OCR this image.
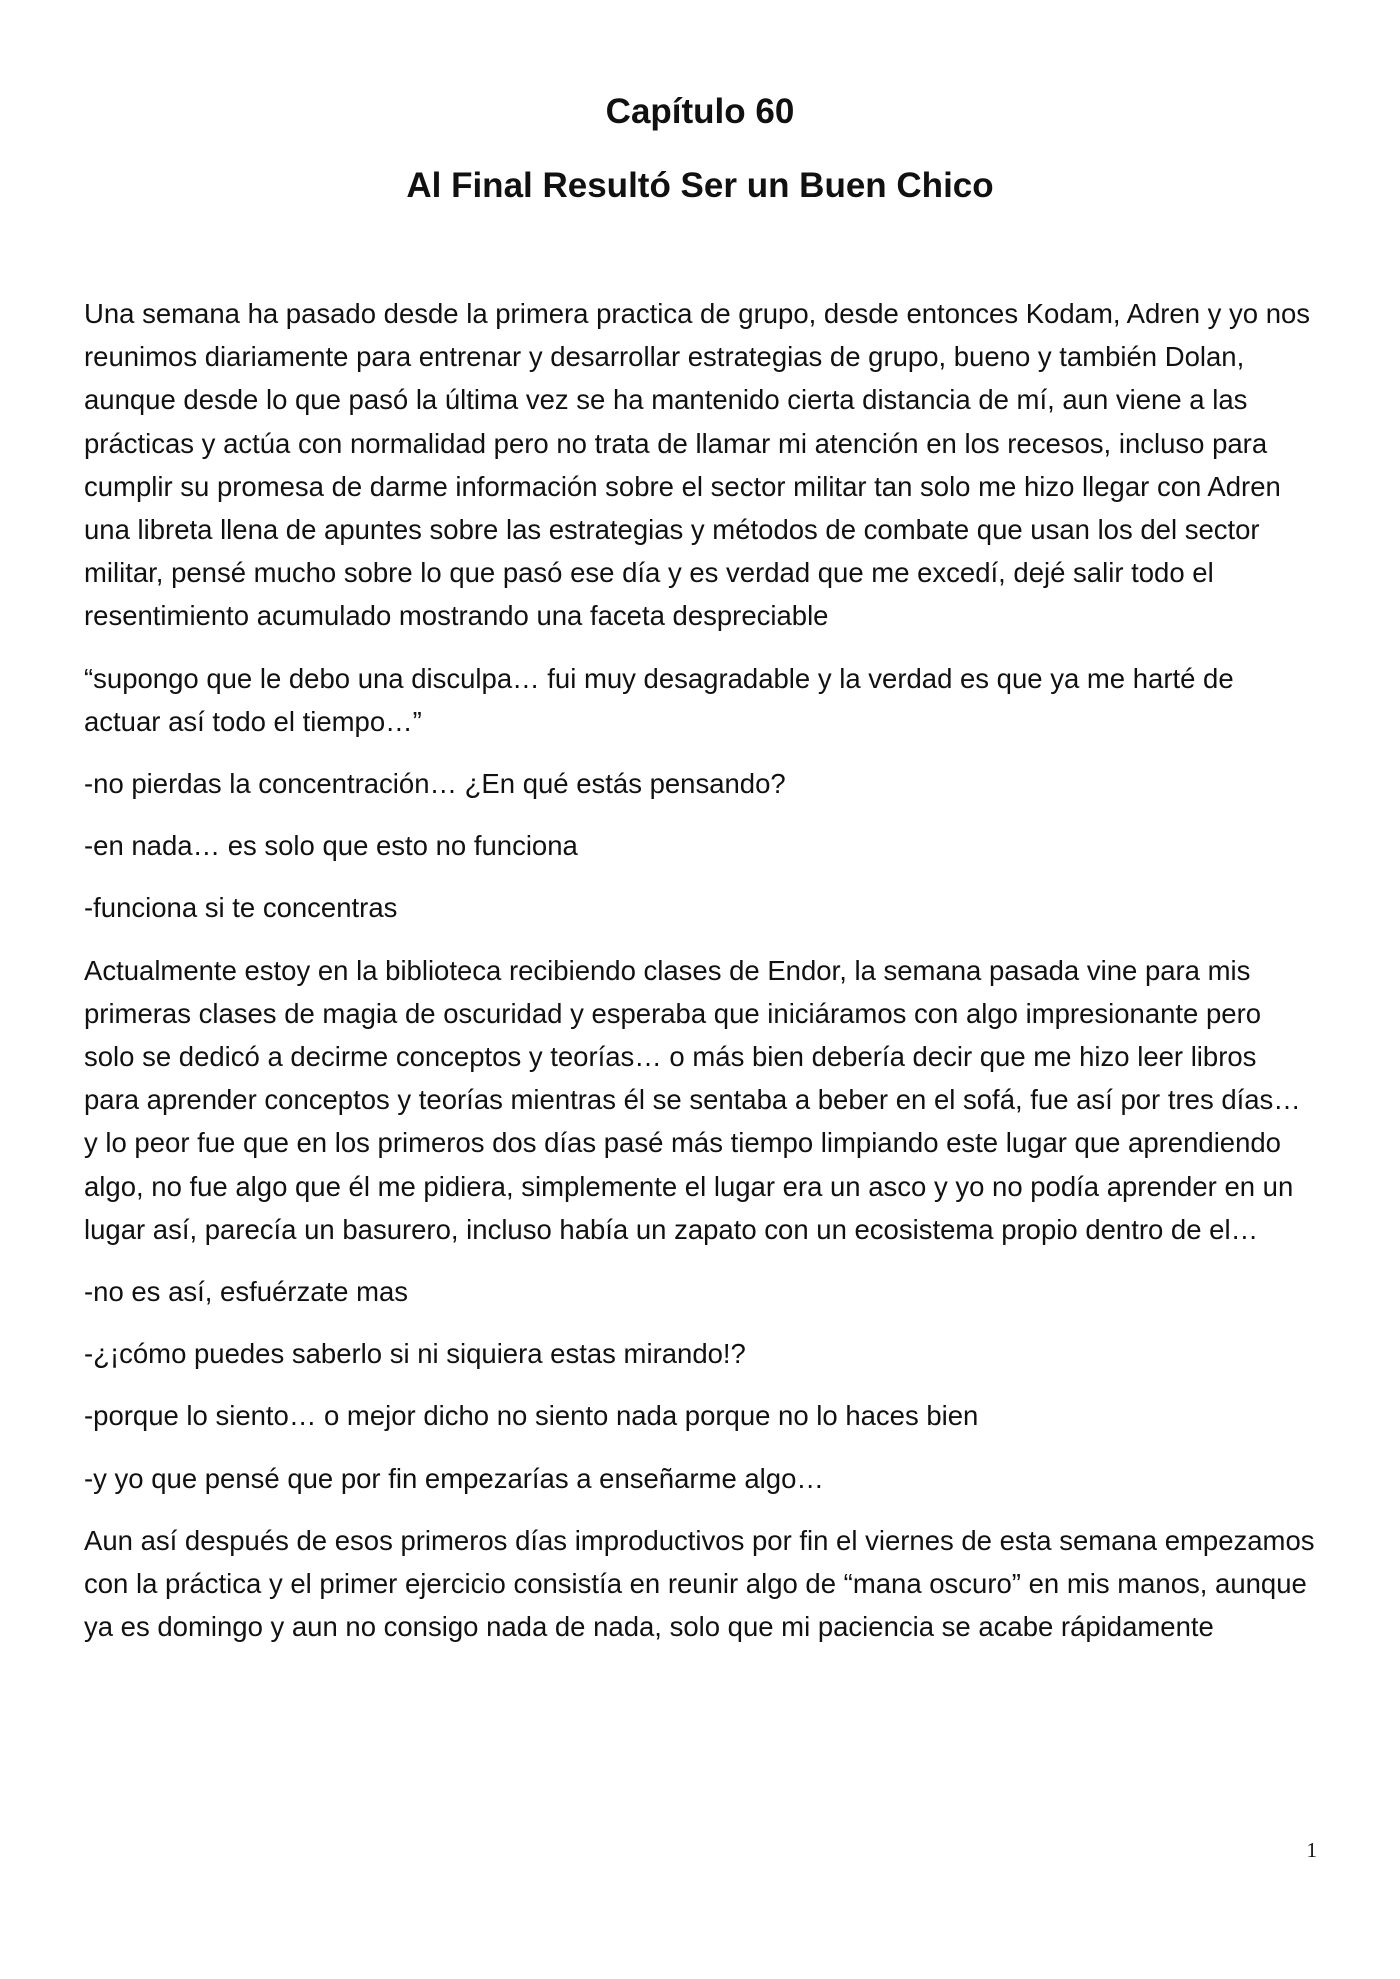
Capítulo 60
Al Final Resultó Ser un Buen Chico

Una semana ha pasado desde la primera practica de grupo, desde entonces Kodam, Adren y yo nos reunimos diariamente para entrenar y desarrollar estrategias de grupo, bueno y también Dolan, aunque desde lo que pasó la última vez se ha mantenido cierta distancia de mí, aun viene a las prácticas y actúa con normalidad pero no trata de llamar mi atención en los recesos, incluso para cumplir su promesa de darme información sobre el sector militar tan solo me hizo llegar con Adren una libreta llena de apuntes sobre las estrategias y métodos de combate que usan los del sector militar, pensé mucho sobre lo que pasó ese día y es verdad que me excedí, dejé salir todo el resentimiento acumulado mostrando una faceta despreciable

“supongo que le debo una disculpa… fui muy desagradable y la verdad es que ya me harté de actuar así todo el tiempo…”

-no pierdas la concentración… ¿En qué estás pensando?

-en nada… es solo que esto no funciona

-funciona si te concentras

Actualmente estoy en la biblioteca recibiendo clases de Endor, la semana pasada vine para mis primeras clases de magia de oscuridad y esperaba que iniciáramos con algo impresionante pero solo se dedicó a decirme conceptos y teorías… o más bien debería decir que me hizo leer libros para aprender conceptos y teorías mientras él se sentaba a beber en el sofá, fue así por tres días… y lo peor fue que en los primeros dos días pasé más tiempo limpiando este lugar que aprendiendo algo, no fue algo que él me pidiera, simplemente el lugar era un asco y yo no podía aprender en un lugar así, parecía un basurero, incluso había un zapato con un ecosistema propio dentro de el…

-no es así, esfuérzate mas

-¿¡cómo puedes saberlo si ni siquiera estas mirando!?

-porque lo siento… o mejor dicho no siento nada porque no lo haces bien

-y yo que pensé que por fin empezarías a enseñarme algo…

Aun así después de esos primeros días improductivos por fin el viernes de esta semana empezamos con la práctica y el primer ejercicio consistía en reunir algo de “mana oscuro” en mis manos, aunque ya es domingo y aun no consigo nada de nada, solo que mi paciencia se acabe rápidamente

1
